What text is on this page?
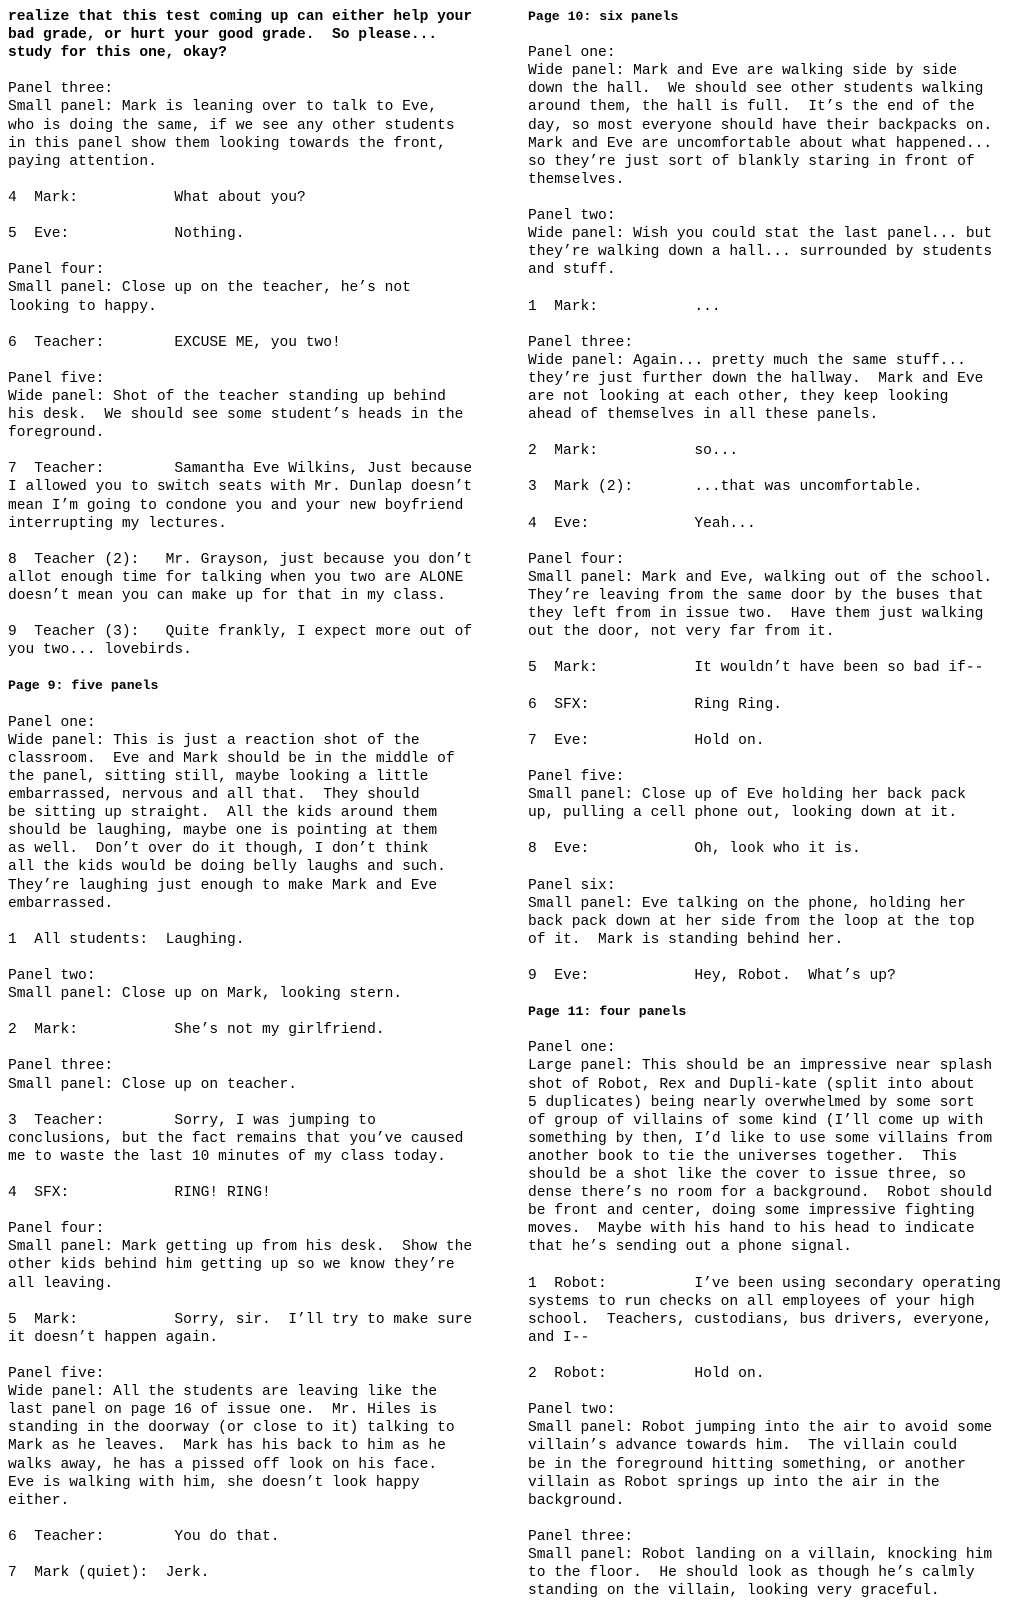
realize that this test coming up can either help your
bad grade, or hurt your good grade.  So please...
study for this one, okay?
Panel three:
Small panel: Mark is leaning over to talk to Eve,
who is doing the same, if we see any other students
in this panel show them looking towards the front,
paying attention.
4  Mark:           What about you?
5  Eve:            Nothing.
Panel four:
Small panel: Close up on the teacher, he’s not
looking to happy.
6  Teacher:        EXCUSE ME, you two!
Panel five:
Wide panel: Shot of the teacher standing up behind
his desk.  We should see some student’s heads in the
foreground.
7  Teacher:        Samantha Eve Wilkins, Just because
I allowed you to switch seats with Mr. Dunlap doesn’t
mean I’m going to condone you and your new boyfriend
interrupting my lectures.
8  Teacher (2):   Mr. Grayson, just because you don’t
allot enough time for talking when you two are ALONE
doesn’t mean you can make up for that in my class.
9  Teacher (3):   Quite frankly, I expect more out of
you two... lovebirds.
Page 9: five panels
Panel one:
Wide panel: This is just a reaction shot of the
classroom.  Eve and Mark should be in the middle of
the panel, sitting still, maybe looking a little
embarrassed, nervous and all that.  They should
be sitting up straight.  All the kids around them
should be laughing, maybe one is pointing at them
as well.  Don’t over do it though, I don’t think
all the kids would be doing belly laughs and such.
They’re laughing just enough to make Mark and Eve
embarrassed.
1  All students:  Laughing.
Panel two:
Small panel: Close up on Mark, looking stern.
2  Mark:           She’s not my girlfriend.
Panel three:
Small panel: Close up on teacher.
3  Teacher:        Sorry, I was jumping to
conclusions, but the fact remains that you’ve caused
me to waste the last 10 minutes of my class today.
4  SFX:            RING! RING!
Panel four:
Small panel: Mark getting up from his desk.  Show the
other kids behind him getting up so we know they’re
all leaving.
5  Mark:           Sorry, sir.  I’ll try to make sure
it doesn’t happen again.
Panel five:
Wide panel: All the students are leaving like the
last panel on page 16 of issue one.  Mr. Hiles is
standing in the doorway (or close to it) talking to
Mark as he leaves.  Mark has his back to him as he
walks away, he has a pissed off look on his face.
Eve is walking with him, she doesn’t look happy
either.
6  Teacher:        You do that.
7  Mark (quiet):  Jerk.
Page 10: six panels
Panel one:
Wide panel: Mark and Eve are walking side by side
down the hall.  We should see other students walking
around them, the hall is full.  It’s the end of the
day, so most everyone should have their backpacks on.
Mark and Eve are uncomfortable about what happened...
so they’re just sort of blankly staring in front of
themselves.
Panel two:
Wide panel: Wish you could stat the last panel... but
they’re walking down a hall... surrounded by students
and stuff.
1  Mark:           ...
Panel three:
Wide panel: Again... pretty much the same stuff...
they’re just further down the hallway.  Mark and Eve
are not looking at each other, they keep looking
ahead of themselves in all these panels.
2  Mark:           so...
3  Mark (2):       ...that was uncomfortable.
4  Eve:            Yeah...
Panel four:
Small panel: Mark and Eve, walking out of the school.
They’re leaving from the same door by the buses that
they left from in issue two.  Have them just walking
out the door, not very far from it.
5  Mark:           It wouldn’t have been so bad if--
6  SFX:            Ring Ring.
7  Eve:            Hold on.
Panel five:
Small panel: Close up of Eve holding her back pack
up, pulling a cell phone out, looking down at it.
8  Eve:            Oh, look who it is.
Panel six:
Small panel: Eve talking on the phone, holding her
back pack down at her side from the loop at the top
of it.  Mark is standing behind her.
9  Eve:            Hey, Robot.  What’s up?
Page 11: four panels
Panel one:
Large panel: This should be an impressive near splash
shot of Robot, Rex and Dupli-kate (split into about
5 duplicates) being nearly overwhelmed by some sort
of group of villains of some kind (I’ll come up with
something by then, I’d like to use some villains from
another book to tie the universes together.  This
should be a shot like the cover to issue three, so
dense there’s no room for a background.  Robot should
be front and center, doing some impressive fighting
moves.  Maybe with his hand to his head to indicate
that he’s sending out a phone signal.
1  Robot:          I’ve been using secondary operating
systems to run checks on all employees of your high
school.  Teachers, custodians, bus drivers, everyone,
and I--
2  Robot:          Hold on.
Panel two:
Small panel: Robot jumping into the air to avoid some
villain’s advance towards him.  The villain could
be in the foreground hitting something, or another
villain as Robot springs up into the air in the
background.
Panel three:
Small panel: Robot landing on a villain, knocking him
to the floor.  He should look as though he’s calmly
standing on the villain, looking very graceful.
